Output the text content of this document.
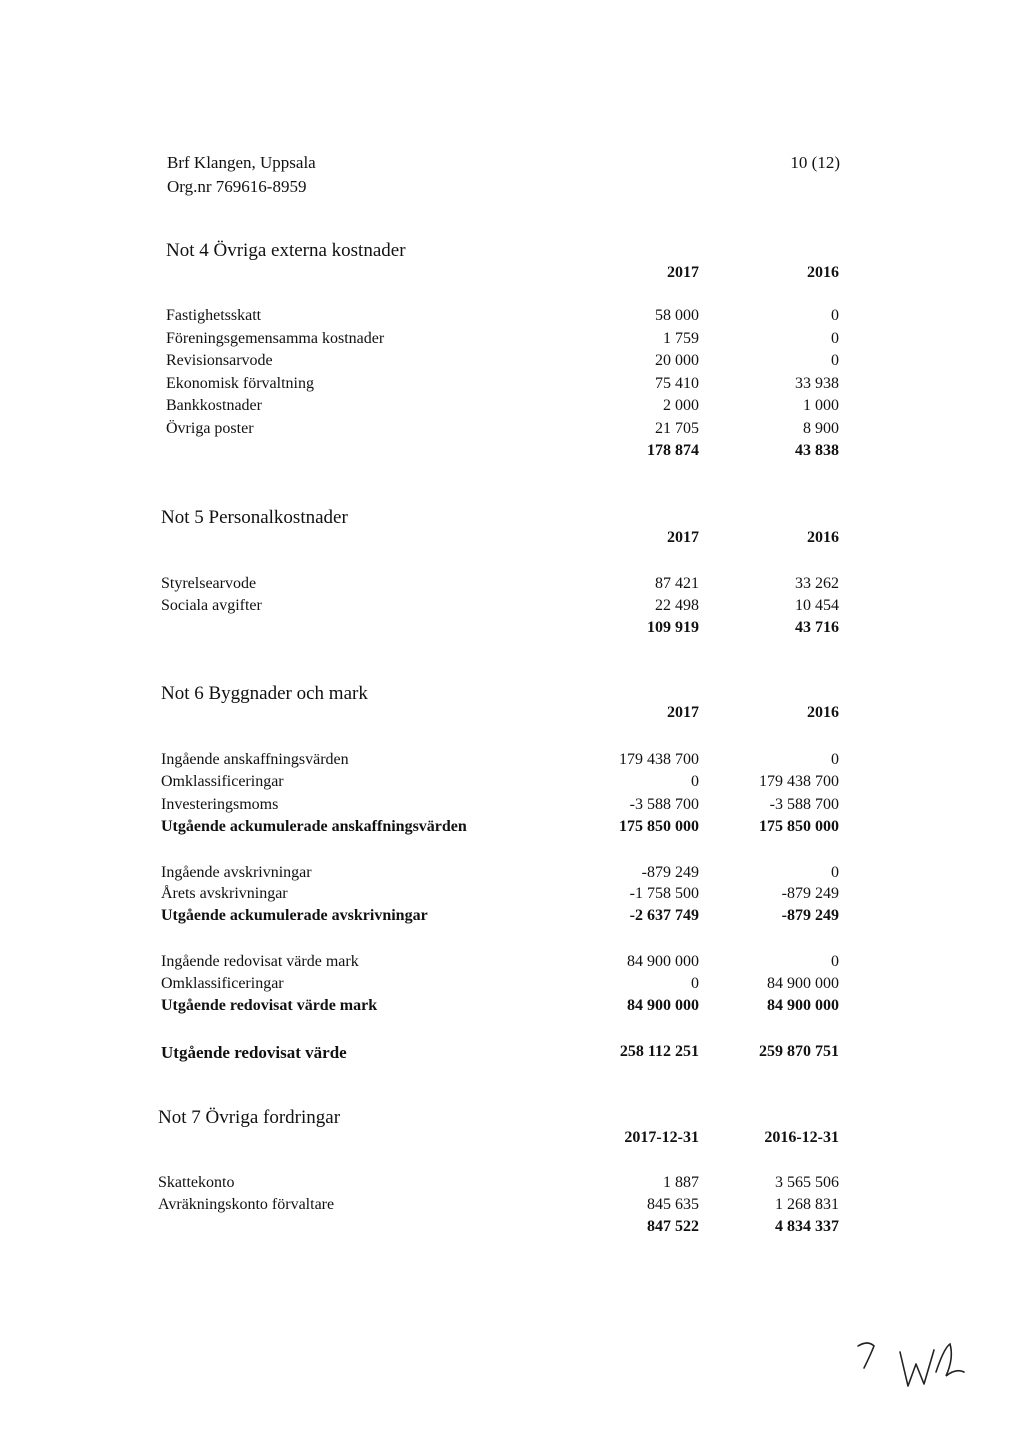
Brf Klangen, Uppsala
Org.nr 769616-8959
10 (12)
Not 4 Övriga externa kostnader
2017	2016
Fastighetsskatt	58 000	0
Föreningsgemensamma kostnader	1 759	0
Revisionsarvode	20 000	0
Ekonomisk förvaltning	75 410	33 938
Bankkostnader	2 000	1 000
Övriga poster	21 705	8 900
178 874	43 838
Not 5 Personalkostnader
2017	2016
Styrelsearvode	87 421	33 262
Sociala avgifter	22 498	10 454
109 919	43 716
Not 6 Byggnader och mark
2017	2016
Ingående anskaffningsvärden	179 438 700	0
Omklassificeringar	0	179 438 700
Investeringsmoms	-3 588 700	-3 588 700
Utgående ackumulerade anskaffningsvärden	175 850 000	175 850 000
Ingående avskrivningar	-879 249	0
Årets avskrivningar	-1 758 500	-879 249
Utgående ackumulerade avskrivningar	-2 637 749	-879 249
Ingående redovisat värde mark	84 900 000	0
Omklassificeringar	0	84 900 000
Utgående redovisat värde mark	84 900 000	84 900 000
Utgående redovisat värde	258 112 251	259 870 751
Not 7 Övriga fordringar
2017-12-31	2016-12-31
Skattekonto	1 887	3 565 506
Avräkningskonto förvaltare	845 635	1 268 831
847 522	4 834 337
